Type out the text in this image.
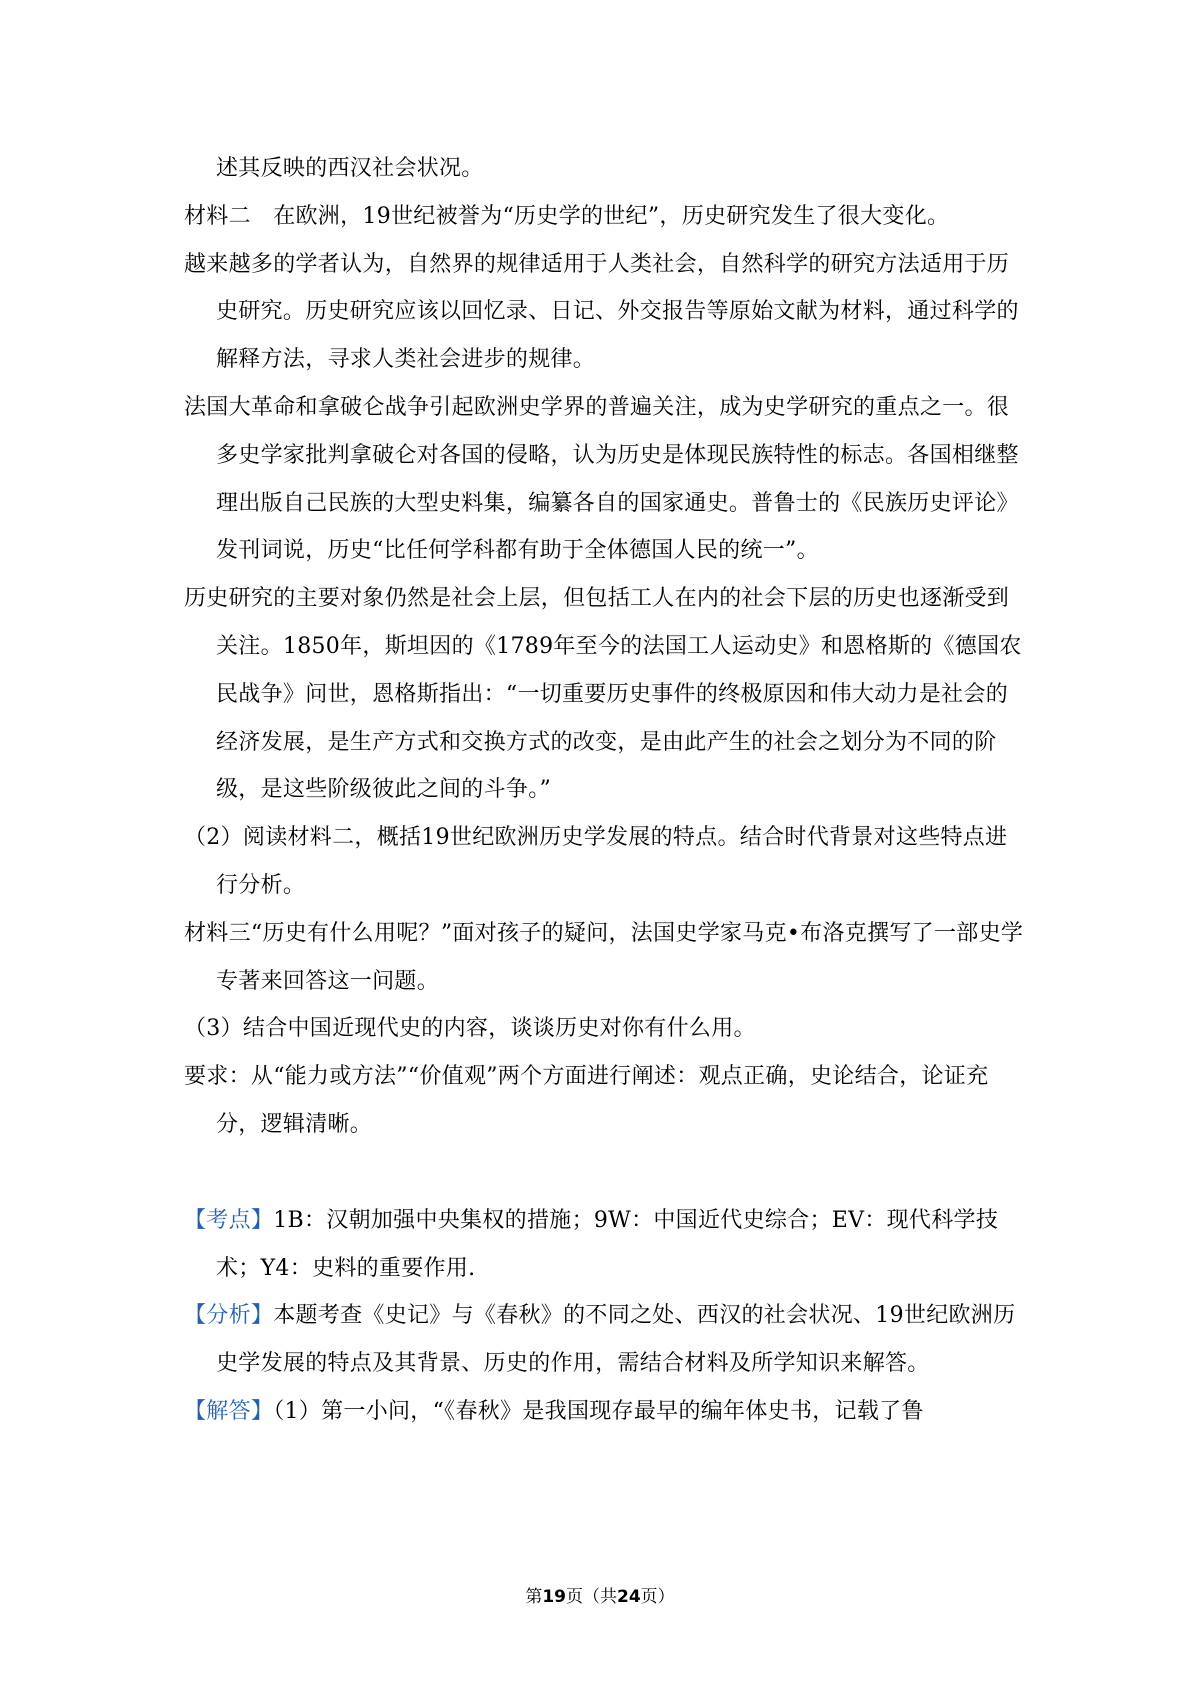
述其反映的西汉社会状况。

材料二　在欧洲，19世纪被誉为“历史学的世纪”，历史研究发生了很大变化。

越来越多的学者认为，自然界的规律适用于人类社会，自然科学的研究方法适用于历史研究。历史研究应该以回忆录、日记、外交报告等原始文献为材料，通过科学的解释方法，寻求人类社会进步的规律。

法国大革命和拿破仑战争引起欧洲史学界的普遍关注，成为史学研究的重点之一。很多史学家批判拿破仑对各国的侵略，认为历史是体现民族特性的标志。各国相继整理出版自己民族的大型史料集，编纂各自的国家通史。普鲁士的《民族历史评论》发刊词说，历史“比任何学科都有助于全体德国人民的统一”。

历史研究的主要对象仍然是社会上层，但包括工人在内的社会下层的历史也逐渐受到关注。1850年，斯坦因的《1789年至今的法国工人运动史》和恩格斯的《德国农民战争》问世，恩格斯指出：“一切重要历史事件的终极原因和伟大动力是社会的经济发展，是生产方式和交换方式的改变，是由此产生的社会之划分为不同的阶级，是这些阶级彼此之间的斗争。”

（2）阅读材料二，概括19世纪欧洲历史学发展的特点。结合时代背景对这些特点进行分析。

材料三“历史有什么用呢？”面对孩子的疑问，法国史学家马克•布洛克撰写了一部史学专著来回答这一问题。

（3）结合中国近现代史的内容，谈谈历史对你有什么用。

要求：从“能力或方法”“价值观”两个方面进行阐述：观点正确，史论结合，论证充分，逻辑清晰。

【考点】1B：汉朝加强中央集权的措施；9W：中国近代史综合；EV：现代科学技术；Y4：史料的重要作用.

【分析】本题考查《史记》与《春秋》的不同之处、西汉的社会状况、19世纪欧洲历史学发展的特点及其背景、历史的作用，需结合材料及所学知识来解答。

【解答】（1）第一小问，“《春秋》是我国现存最早的编年体史书，记载了鲁

第19页（共24页）
